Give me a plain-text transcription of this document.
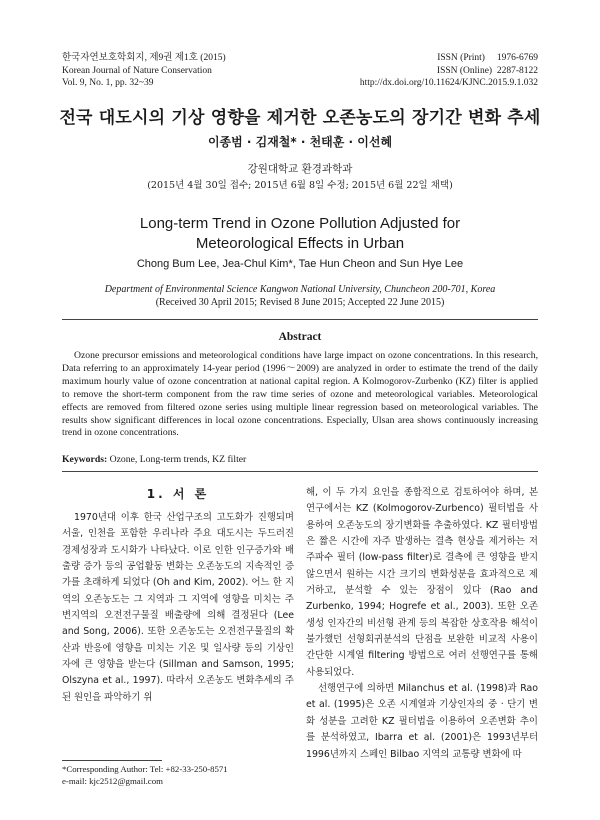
한국자연보호학회지, 제9권 제1호 (2015)
Korean Journal of Nature Conservation
Vol. 9, No. 1, pp. 32~39
ISSN (Print)     1976-6769
ISSN (Online)  2287-8122
http://dx.doi.org/10.11624/KJNC.2015.9.1.032
전국 대도시의 기상 영향을 제거한 오존농도의 장기간 변화 추세
이종범 · 김재철* · 천태훈 · 이선혜
강원대학교 환경과학과
(2015년 4월 30일 접수; 2015년 6월 8일 수정; 2015년 6월 22일 채택)
Long-term Trend in Ozone Pollution Adjusted for
Meteorological Effects in Urban
Chong Bum Lee, Jea-Chul Kim*, Tae Hun Cheon and Sun Hye Lee
Department of Environmental Science Kangwon National University, Chuncheon 200-701, Korea
(Received 30 April 2015; Revised 8 June 2015; Accepted 22 June 2015)
Abstract
Ozone precursor emissions and meteorological conditions have large impact on ozone concentrations. In this research, Data referring to an approximately 14-year period (1996～2009) are analyzed in order to estimate the trend of the daily maximum hourly value of ozone concentration at national capital region. A Kolmogorov-Zurbenko (KZ) filter is applied to remove the short-term component from the raw time series of ozone and meteorological variables. Meteorological effects are removed from filtered ozone series using multiple linear regression based on meteorological variables. The results show significant differences in local ozone concentrations. Especially, Ulsan area shows continuously increasing trend in ozone concentrations.
Keywords: Ozone, Long-term trends, KZ filter
1. 서 론

1970년대 이후 한국 산업구조의 고도화가 진행되며 서울, 인천을 포함한 우리나라 주요 대도시는 두드러진 경제성장과 도시화가 나타났다. 이로 인한 인구증가와 배출량 증가 등의 공업활동 변화는 오존농도의 지속적인 증가를 초래하게 되었다 (Oh and Kim, 2002). 어느 한 지역의 오존농도는 그 지역과 그 지역에 영향을 미치는 주변지역의 오전전구물질 배출량에 의해 결정된다 (Lee and Song, 2006). 또한 오존농도는 오전전구물질의 확산과 반응에 영향을 미치는 기온 및 일사량 등의 기상인자에 큰 영향을 받는다 (Sillman and Samson, 1995; Olszyna et al., 1997). 따라서 오존농도 변화추세의 주된 원인을 파악하기 위

해, 이 두 가지 요인을 종합적으로 검토하여야 하며, 본 연구에서는 KZ (Kolmogorov-Zurbenco) 필터법을 사용하여 오존농도의 장기변화를 추출하였다. KZ 필터방법은 짧은 시간에 자주 발생하는 결측 현상을 제거하는 저주파수 필터 (low-pass filter)로 결측에 큰 영향을 받지 않으면서 원하는 시간 크기의 변화성분을 효과적으로 제거하고, 분석할 수 있는 장점이 있다 (Rao and Zurbenko, 1994; Hogrefe et al., 2003). 또한 오존 생성 인자간의 비선형 관계 등의 복잡한 상호작용 해석이 불가했던 선형회귀분석의 단점을 보완한 비교적 사용이 간단한 시계열 filtering 방법으로 여러 선행연구를 통해 사용되었다.

선행연구에 의하면 Milanchus et al. (1998)과 Rao et al. (1995)은 오존 시계열과 기상인자의 중 · 단기 변화 성분을 고려한 KZ 필터법을 이용하여 오존변화 추이를 분석하였고, Ibarra et al. (2001)은 1993년부터 1996년까지 스페인 Bilbao 지역의 교통량 변화에 따

*Corresponding Author: Tel: +82-33-250-8571
e-mail: kjc2512@gmail.com
